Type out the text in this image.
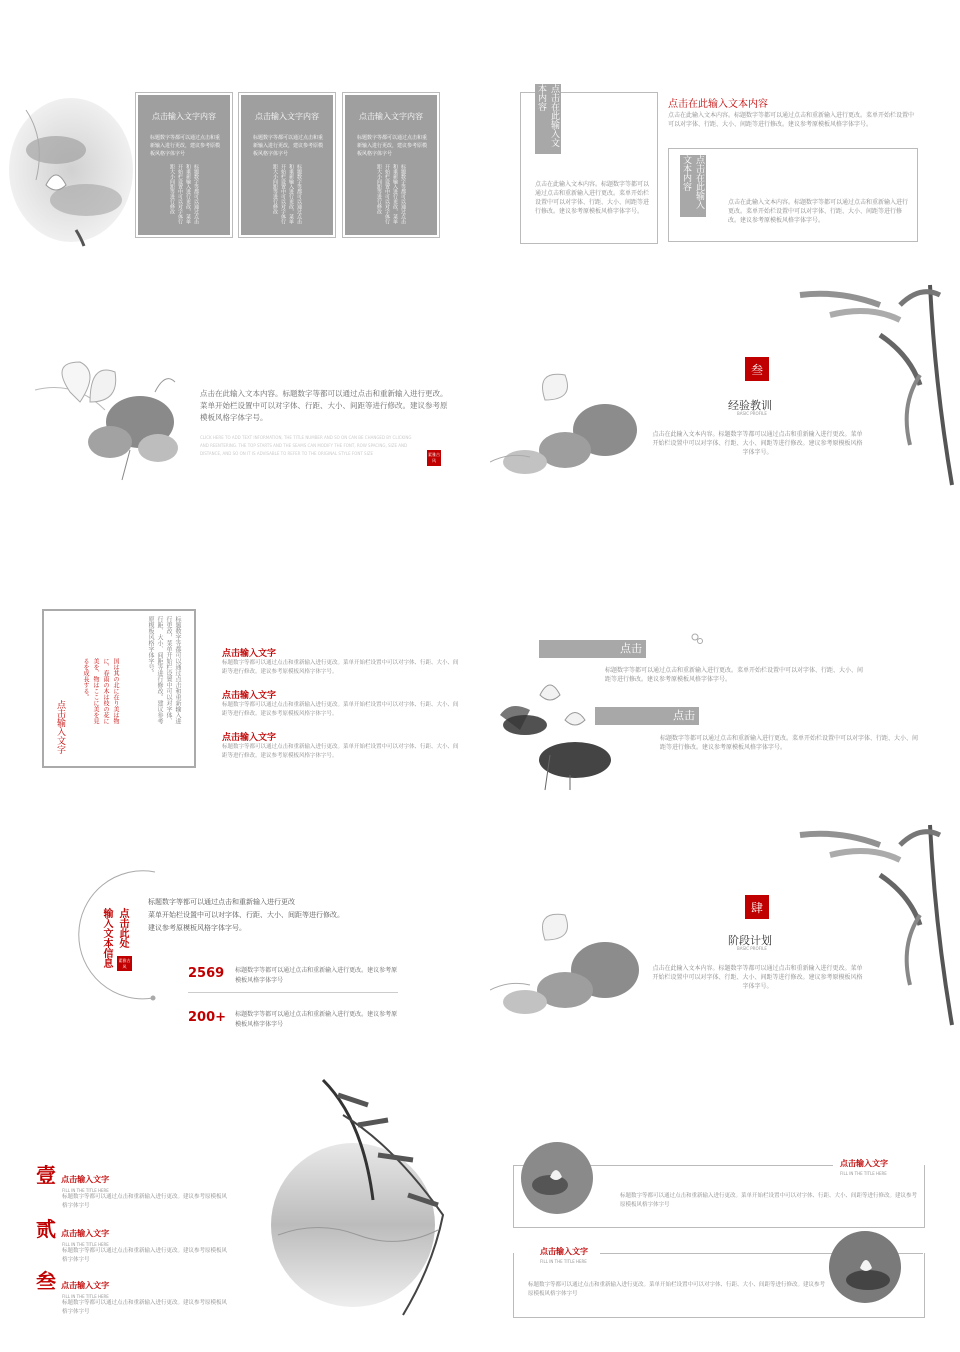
点击输入文字内容
标题数字等都可以通过点击和重新输入进行更改，建议参考原模板风格字体字号
标题数字等都可以通过点击和重新输入进行更改，菜单开始栏设置中可以对字体行距大小间距等进行修改
点击输入文字内容
标题数字等都可以通过点击和重新输入进行更改，建议参考原模板风格字体字号
标题数字等都可以通过点击和重新输入进行更改，菜单开始栏设置中可以对字体行距大小间距等进行修改
点击输入文字内容
标题数字等都可以通过点击和重新输入进行更改，建议参考原模板风格字体字号
标题数字等都可以通过点击和重新输入进行更改，菜单开始栏设置中可以对字体行距大小间距等进行修改
点击在此输入文本内容
点击在此输入文本内容。标题数字等都可以通过点击和重新输入进行更改。菜单开始栏设置中可以对字体、行距、大小、间距等进行修改。建议参考原模板风格字体字号。
点击在此输入文本内容
点击在此输入文本内容。标题数字等都可以通过点击和重新输入进行更改。菜单开始栏设置中可以对字体、行距、大小、间距等进行修改。建议参考原模板风格字体字号。
点击在此输入文本内容
点击在此输入文本内容。标题数字等都可以通过点击和重新输入进行更改。菜单开始栏设置中可以对字体、行距、大小、间距等进行修改。建议参考原模板风格字体字号。
点击在此输入文本内容。标题数字等都可以通过点击和重新输入进行更改。菜单开始栏设置中可以对字体、行距、大小、间距等进行修改。建议参考原模板风格字体字号。
CLICK HERE TO ADD TEXT INFORMATION, THE TITLE NUMBER AND SO ON CAN BE CHANGED BY CLICKING AND REENTERING. THE TOP STARTS AND THE SEAMS CAN MODIFY THE FONT, ROW SPACING, SIZE AND DISTANCE, AND SO ON IT IS ADVISABLE TO REFER TO THE ORIGINAL STYLE FONT SIZE	素雅古风
叁
经验教训
BASIC PROFILE
点击在此输入文本内容。标题数字等都可以通过点击和重新输入进行更改。菜单开始栏设置中可以对字体、行距、大小、间距等进行修改。建议参考原模板风格字体字号。
点击输入文字
国は其の北に在り美は物に、春雨の木は枝の花に美を、物はここに美を見るを成長する。	标题数字等都可以通过点击和重新输入进行更改，菜单开始栏设置中可以对字体、行距、大小、间距等进行修改。建议参考原模板风格字体字号。	点击输入文字
标题数字等都可以通过点击和重新输入进行更改。菜单开始栏设置中可以对字体、行距、大小、间距等进行修改。建议参考原模板风格字体字号。
点击输入文字
标题数字等都可以通过点击和重新输入进行更改。菜单开始栏设置中可以对字体、行距、大小、间距等进行修改。建议参考原模板风格字体字号。
点击输入文字
标题数字等都可以通过点击和重新输入进行更改。菜单开始栏设置中可以对字体、行距、大小、间距等进行修改。建议参考原模板风格字体字号。
点击
标题数字等都可以通过点击和重新输入进行更改。菜单开始栏设置中可以对字体、行距、大小、间距等进行修改。建议参考原模板风格字体字号。
点击
标题数字等都可以通过点击和重新输入进行更改。菜单开始栏设置中可以对字体、行距、大小、间距等进行修改。建议参考原模板风格字体字号。
点击此处
输入文本信息	素雅古风
标题数字等都可以通过点击和重新输入进行更改
菜单开始栏设置中可以对字体、行距、大小、间距等进行修改。
建议参考原模板风格字体字号。
2569 标题数字等都可以通过点击和重新输入进行更改。建议参考原模板风格字体字号
200+ 标题数字等都可以通过点击和重新输入进行更改。建议参考原模板风格字体字号
肆
阶段计划
BASIC PROFILE
点击在此输入文本内容。标题数字等都可以通过点击和重新输入进行更改。菜单开始栏设置中可以对字体、行距、大小、间距等进行修改。建议参考原模板风格字体字号。
壹 点击输入文字
FILL IN THE TITLE HERE
标题数字等都可以通过点击和重新输入进行更改。建议参考原模板风格字体字号
贰 点击输入文字
FILL IN THE TITLE HERE
标题数字等都可以通过点击和重新输入进行更改。建议参考原模板风格字体字号
叁 点击输入文字
FILL IN THE TITLE HERE
标题数字等都可以通过点击和重新输入进行更改。建议参考原模板风格字体字号
点击输入文字
FILL IN THE TITLE HERE
标题数字等都可以通过点击和重新输入进行更改。菜单开始栏设置中可以对字体、行距、大小、间距等进行修改。建议参考原模板风格字体字号
点击输入文字
FILL IN THE TITLE HERE
标题数字等都可以通过点击和重新输入进行更改。菜单开始栏设置中可以对字体、行距、大小、间距等进行修改。建议参考原模板风格字体字号
